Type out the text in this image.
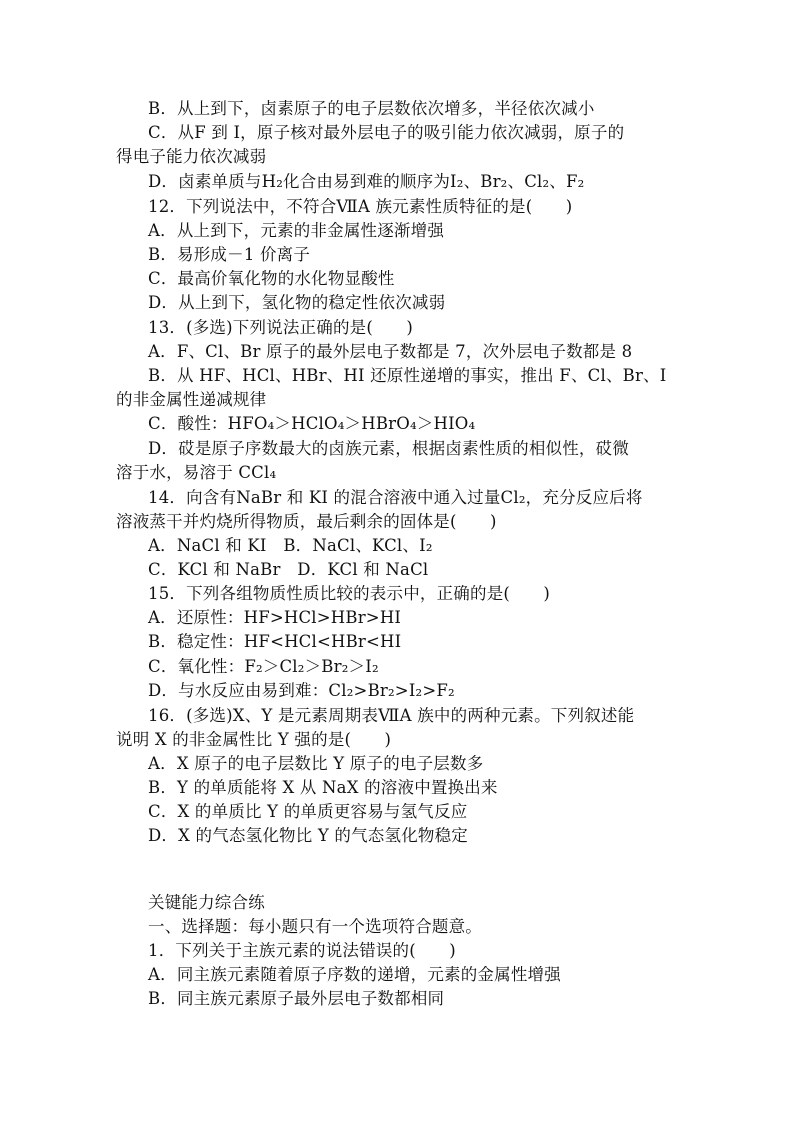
B．从上到下，卤素原子的电子层数依次增多，半径依次减小
C．从F 到 I，原子核对最外层电子的吸引能力依次减弱，原子的
得电子能力依次减弱
D．卤素单质与H₂化合由易到难的顺序为I₂、Br₂、Cl₂、F₂
12．下列说法中，不符合ⅦA 族元素性质特征的是(　　)
A．从上到下，元素的非金属性逐渐增强
B．易形成－1 价离子
C．最高价氧化物的水化物显酸性
D．从上到下，氢化物的稳定性依次减弱
13．(多选)下列说法正确的是(　　)
A．F、Cl、Br 原子的最外层电子数都是 7，次外层电子数都是 8
B．从 HF、HCl、HBr、HI 还原性递增的事实，推出 F、Cl、Br、I
的非金属性递减规律
C．酸性：HFO₄＞HClO₄＞HBrO₄＞HIO₄
D．砹是原子序数最大的卤族元素，根据卤素性质的相似性，砹微
溶于水，易溶于 CCl₄
14．向含有NaBr 和 KI 的混合溶液中通入过量Cl₂，充分反应后将
溶液蒸干并灼烧所得物质，最后剩余的固体是(　　)
A．NaCl 和 KI　B．NaCl、KCl、I₂
C．KCl 和 NaBr　D．KCl 和 NaCl
15．下列各组物质性质比较的表示中，正确的是(　　)
A．还原性：HF>HCl>HBr>HI
B．稳定性：HF<HCl<HBr<HI
C．氧化性：F₂＞Cl₂＞Br₂＞I₂
D．与水反应由易到难：Cl₂>Br₂>I₂>F₂
16．(多选)X、Y 是元素周期表ⅦA 族中的两种元素。下列叙述能
说明 X 的非金属性比 Y 强的是(　　)
A．X 原子的电子层数比 Y 原子的电子层数多
B．Y 的单质能将 X 从 NaX 的溶液中置换出来
C．X 的单质比 Y 的单质更容易与氢气反应
D．X 的气态氢化物比 Y 的气态氢化物稳定
关键能力综合练
一、选择题：每小题只有一个选项符合题意。
1．下列关于主族元素的说法错误的(　　)
A．同主族元素随着原子序数的递增，元素的金属性增强
B．同主族元素原子最外层电子数都相同
